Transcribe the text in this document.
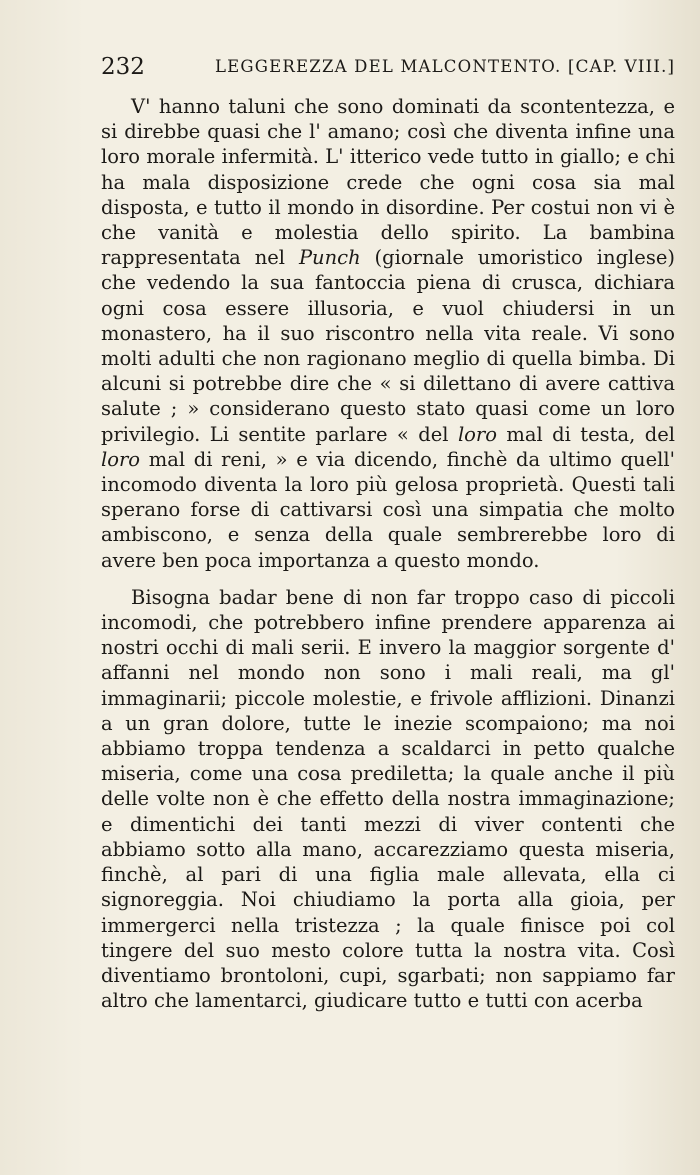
232	LEGGEREZZA DEL MALCONTENTO. [CAP. VIII.]

V' hanno taluni che sono dominati da scontentezza, e si direbbe quasi che l' amano; così che diventa infine una loro morale infermità. L' itterico vede tutto in giallo; e chi ha mala disposizione crede che ogni cosa sia mal disposta, e tutto il mondo in disordine. Per costui non vi è che vanità e molestia dello spirito. La bambina rappresentata nel Punch (giornale umoristico inglese) che vedendo la sua fantoccia piena di crusca, dichiara ogni cosa essere illusoria, e vuol chiudersi in un monastero, ha il suo riscontro nella vita reale. Vi sono molti adulti che non ragionano meglio di quella bimba. Di alcuni si potrebbe dire che « si dilettano di avere cattiva salute ; » considerano questo stato quasi come un loro privilegio. Li sentite parlare « del loro mal di testa, del loro mal di reni, » e via dicendo, finchè da ultimo quell' incomodo diventa la loro più gelosa proprietà. Questi tali sperano forse di cattivarsi così una simpatia che molto ambiscono, e senza della quale sembrerebbe loro di avere ben poca importanza a questo mondo.

Bisogna badar bene di non far troppo caso di piccoli incomodi, che potrebbero infine prendere apparenza ai nostri occhi di mali serii. E invero la maggior sorgente d' affanni nel mondo non sono i mali reali, ma gl' immaginarii; piccole molestie, e frivole afflizioni. Dinanzi a un gran dolore, tutte le inezie scompaiono; ma noi abbiamo troppa tendenza a scaldarci in petto qualche miseria, come una cosa prediletta; la quale anche il più delle volte non è che effetto della nostra immaginazione; e dimentichi dei tanti mezzi di viver contenti che abbiamo sotto alla mano, accarezziamo questa miseria, finchè, al pari di una figlia male allevata, ella ci signoreggia. Noi chiudiamo la porta alla gioia, per immergerci nella tristezza ; la quale finisce poi col tingere del suo mesto colore tutta la nostra vita. Così diventiamo brontoloni, cupi, sgarbati; non sappiamo far altro che lamentarci, giudicare tutto e tutti con acerba
